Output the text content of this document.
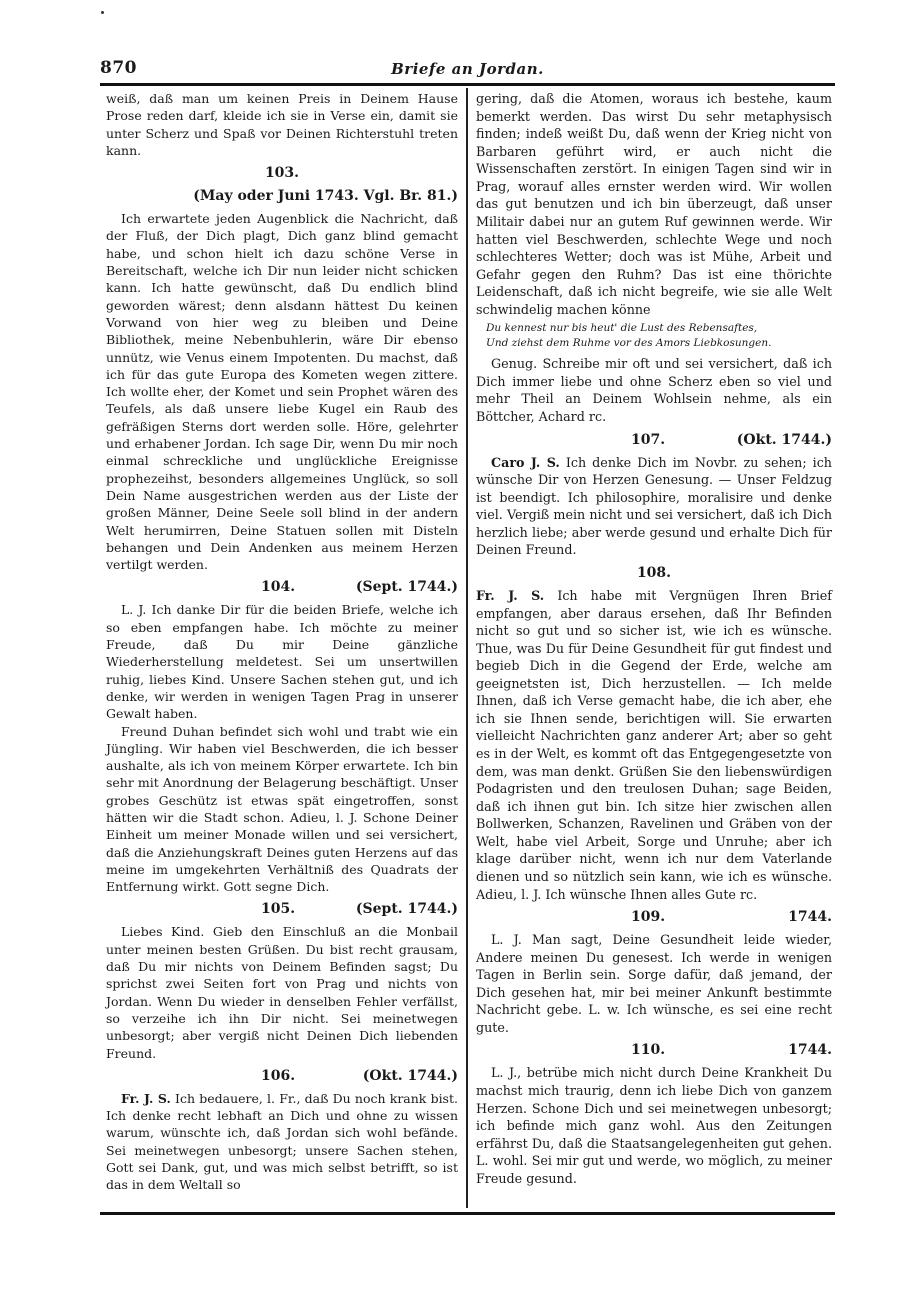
870	Briefe an Jordan.

weiß, daß man um keinen Preis in Deinem Hause Prose reden darf, kleide ich sie in Verse ein, damit sie unter Scherz und Spaß vor Deinen Richterstuhl treten kann.

103.
(May oder Juni 1743. Vgl. Br. 81.)

Ich erwartete jeden Augenblick die Nachricht, daß der Fluß, der Dich plagt, Dich ganz blind gemacht habe, und schon hielt ich dazu schöne Verse in Bereitschaft, welche ich Dir nun leider nicht schicken kann. Ich hatte gewünscht, daß Du endlich blind geworden wärest; denn alsdann hättest Du keinen Vorwand von hier weg zu bleiben und Deine Bibliothek, meine Nebenbuhlerin, wäre Dir ebenso unnütz, wie Venus einem Impotenten. Du machst, daß ich für das gute Europa des Kometen wegen zittere. Ich wollte eher, der Komet und sein Prophet wären des Teufels, als daß unsere liebe Kugel ein Raub des gefräßigen Sterns dort werden solle. Höre, gelehrter und erhabener Jordan. Ich sage Dir, wenn Du mir noch einmal schreckliche und unglückliche Ereignisse prophezeihst, besonders allgemeines Unglück, so soll Dein Name ausgestrichen werden aus der Liste der großen Männer, Deine Seele soll blind in der andern Welt herumirren, Deine Statuen sollen mit Disteln behangen und Dein Andenken aus meinem Herzen vertilgt werden.

104.	(Sept. 1744.)

L. J. Ich danke Dir für die beiden Briefe, welche ich so eben empfangen habe. Ich möchte zu meiner Freude, daß Du mir Deine gänzliche Wiederherstellung meldetest. Sei um unsertwillen ruhig, liebes Kind. Unsere Sachen stehen gut, und ich denke, wir werden in wenigen Tagen Prag in unserer Gewalt haben.

Freund Duhan befindet sich wohl und trabt wie ein Jüngling. Wir haben viel Beschwerden, die ich besser aushalte, als ich von meinem Körper erwartete. Ich bin sehr mit Anordnung der Belagerung beschäftigt. Unser grobes Geschütz ist etwas spät eingetroffen, sonst hätten wir die Stadt schon. Adieu, l. J. Schone Deiner Einheit um meiner Monade willen und sei versichert, daß die Anziehungskraft Deines guten Herzens auf das meine im umgekehrten Verhältniß des Quadrats der Entfernung wirkt. Gott segne Dich.

105.	(Sept. 1744.)

Liebes Kind. Gieb den Einschluß an die Monbail unter meinen besten Grüßen. Du bist recht grausam, daß Du mir nichts von Deinem Befinden sagst; Du sprichst zwei Seiten fort von Prag und nichts von Jordan. Wenn Du wieder in denselben Fehler verfällst, so verzeihe ich ihn Dir nicht. Sei meinetwegen unbesorgt; aber vergiß nicht Deinen Dich liebenden Freund.

106.	(Okt. 1744.)

Fr. J. S. Ich bedauere, l. Fr., daß Du noch krank bist. Ich denke recht lebhaft an Dich und ohne zu wissen warum, wünschte ich, daß Jordan sich wohl befände. Sei meinetwegen unbesorgt; unsere Sachen stehen, Gott sei Dank, gut, und was mich selbst betrifft, so ist das in dem Weltall so

gering, daß die Atomen, woraus ich bestehe, kaum bemerkt werden. Das wirst Du sehr metaphysisch finden; indeß weißt Du, daß wenn der Krieg nicht von Barbaren geführt wird, er auch nicht die Wissenschaften zerstört. In einigen Tagen sind wir in Prag, worauf alles ernster werden wird. Wir wollen das gut benutzen und ich bin überzeugt, daß unser Militair dabei nur an gutem Ruf gewinnen werde. Wir hatten viel Beschwerden, schlechte Wege und noch schlechteres Wetter; doch was ist Mühe, Arbeit und Gefahr gegen den Ruhm? Das ist eine thörichte Leidenschaft, daß ich nicht begreife, wie sie alle Welt schwindelig machen könne

Du kennest nur bis heut' die Lust des Rebensaftes,
Und ziehst dem Ruhme vor des Amors Liebkosungen.

Genug. Schreibe mir oft und sei versichert, daß ich Dich immer liebe und ohne Scherz eben so viel und mehr Theil an Deinem Wohlsein nehme, als ein Böttcher, Achard rc.

107.	(Okt. 1744.)

Caro J. S. Ich denke Dich im Novbr. zu sehen; ich wünsche Dir von Herzen Genesung. — Unser Feldzug ist beendigt. Ich philosophire, moralisire und denke viel. Vergiß mein nicht und sei versichert, daß ich Dich herzlich liebe; aber werde gesund und erhalte Dich für Deinen Freund.

108.

Fr. J. S. Ich habe mit Vergnügen Ihren Brief empfangen, aber daraus ersehen, daß Ihr Befinden nicht so gut und so sicher ist, wie ich es wünsche. Thue, was Du für Deine Gesundheit für gut findest und begieb Dich in die Gegend der Erde, welche am geeignetsten ist, Dich herzustellen. — Ich melde Ihnen, daß ich Verse gemacht habe, die ich aber, ehe ich sie Ihnen sende, berichtigen will. Sie erwarten vielleicht Nachrichten ganz anderer Art; aber so geht es in der Welt, es kommt oft das Entgegengesetzte von dem, was man denkt. Grüßen Sie den liebenswürdigen Podagristen und den treulosen Duhan; sage Beiden, daß ich ihnen gut bin. Ich sitze hier zwischen allen Bollwerken, Schanzen, Ravelinen und Gräben von der Welt, habe viel Arbeit, Sorge und Unruhe; aber ich klage darüber nicht, wenn ich nur dem Vaterlande dienen und so nützlich sein kann, wie ich es wünsche. Adieu, l. J. Ich wünsche Ihnen alles Gute rc.

109.	1744.

L. J. Man sagt, Deine Gesundheit leide wieder, Andere meinen Du genesest. Ich werde in wenigen Tagen in Berlin sein. Sorge dafür, daß jemand, der Dich gesehen hat, mir bei meiner Ankunft bestimmte Nachricht gebe. L. w. Ich wünsche, es sei eine recht gute.

110.	1744.

L. J., betrübe mich nicht durch Deine Krankheit Du machst mich traurig, denn ich liebe Dich von ganzem Herzen. Schone Dich und sei meinetwegen unbesorgt; ich befinde mich ganz wohl. Aus den Zeitungen erfährst Du, daß die Staatsangelegenheiten gut gehen. L. wohl. Sei mir gut und werde, wo möglich, zu meiner Freude gesund.
